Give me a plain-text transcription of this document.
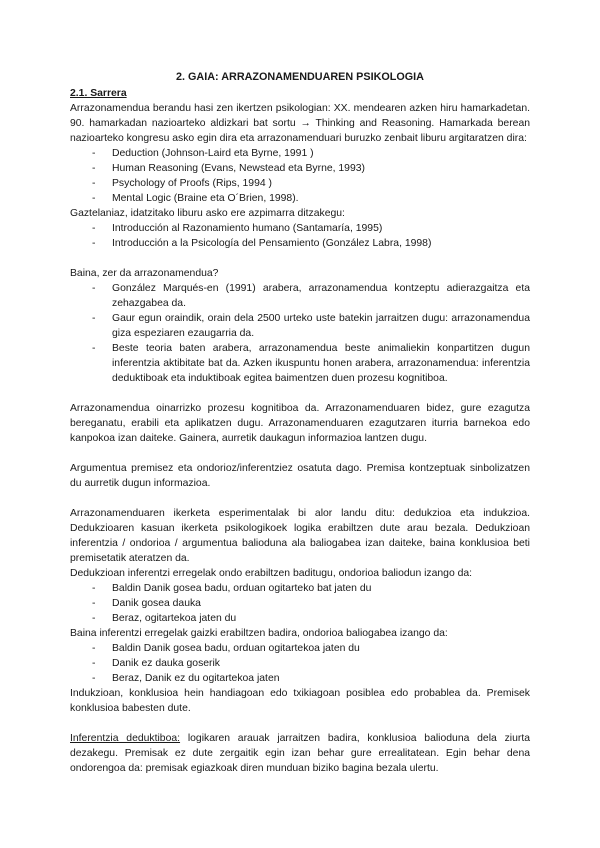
2. GAIA: ARRAZONAMENDUAREN PSIKOLOGIA
2.1. Sarrera

Arrazonamendua berandu hasi zen ikertzen psikologian: XX. mendearen azken hiru hamarkadetan. 90. hamarkadan nazioarteko aldizkari bat sortu → Thinking and Reasoning. Hamarkada berean nazioarteko kongresu asko egin dira eta arrazonamenduari buruzko zenbait liburu argitaratzen dira:

- Deduction (Johnson-Laird eta Byrne, 1991 )
- Human Reasoning (Evans, Newstead eta Byrne, 1993)
- Psychology of Proofs (Rips, 1994 )
- Mental Logic (Braine eta O´Brien, 1998).

Gaztelaniaz, idatzitako liburu asko ere azpimarra ditzakegu:

- Introducción al Razonamiento humano (Santamaría, 1995)
- Introducción a la Psicología del Pensamiento (González Labra, 1998)

Baina, zer da arrazonamendua?

- González Marqués-en (1991) arabera, arrazonamendua kontzeptu adierazgaitza eta zehazgabea da.
- Gaur egun oraindik, orain dela 2500 urteko uste batekin jarraitzen dugu: arrazonamendua giza espeziaren ezaugarria da.
- Beste teoria baten arabera, arrazonamendua beste animaliekin konpartitzen dugun inferentzia aktibitate bat da. Azken ikuspuntu honen arabera, arrazonamendua: inferentzia deduktiboak eta induktiboak egitea baimentzen duen prozesu kognitiboa.

Arrazonamendua oinarrizko prozesu kognitiboa da. Arrazonamenduaren bidez, gure ezagutza bereganatu, erabili eta aplikatzen dugu. Arrazonamenduaren ezagutzaren iturria barnekoa edo kanpokoa izan daiteke. Gainera, aurretik daukagun informazioa lantzen dugu.

Argumentua premisez eta ondorioz/inferentziez osatuta dago. Premisa kontzeptuak sinbolizatzen du aurretik dugun informazioa.

Arrazonamenduaren ikerketa esperimentalak bi alor landu ditu: dedukzioa eta indukzioa. Dedukzioaren kasuan ikerketa psikologikoek logika erabiltzen dute arau bezala. Dedukzioan inferentzia / ondorioa / argumentua balioduna ala baliogabea izan daiteke, baina konklusioa beti premisetatik ateratzen da.

Dedukzioan inferentzi erregelak ondo erabiltzen baditugu, ondorioa baliodun izango da:

- Baldin Danik gosea badu, orduan ogitarteko bat jaten du
- Danik gosea dauka
- Beraz, ogitartekoa jaten du

Baina inferentzi erregelak gaizki erabiltzen badira, ondorioa baliogabea izango da:

- Baldin Danik gosea badu, orduan ogitartekoa jaten du
- Danik ez dauka goserik
- Beraz, Danik ez du ogitartekoa jaten

Indukzioan, konklusioa hein handiagoan edo txikiagoan posiblea edo probablea da. Premisek konklusioa babesten dute.

Inferentzia deduktiboa: logikaren arauak jarraitzen badira, konklusioa balioduna dela ziurta dezakegu. Premisak ez dute zergaitik egin izan behar gure errealitatean. Egin behar dena ondorengoa da: premisak egiazkoak diren munduan biziko bagina bezala ulertu.
